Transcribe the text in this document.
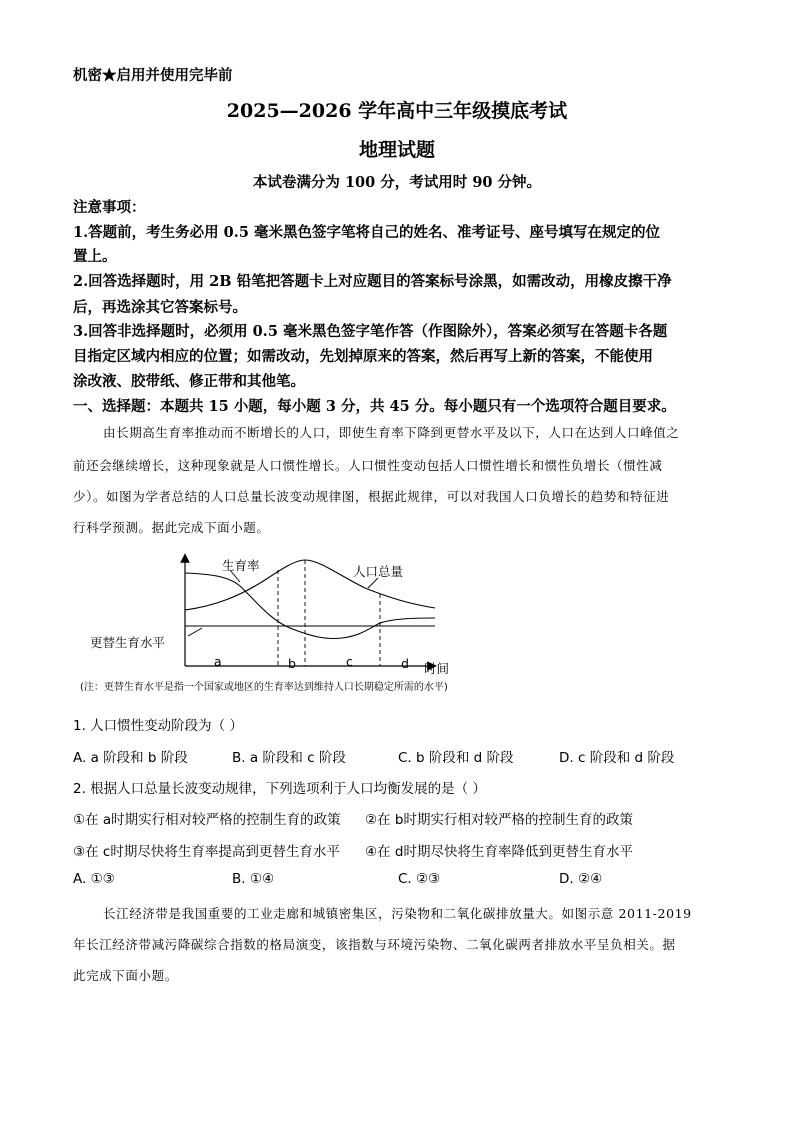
机密★启用并使用完毕前
2025—2026 学年高中三年级摸底考试
地理试题
本试卷满分为 100 分，考试用时 90 分钟。
注意事项：
1.答题前，考生务必用 0.5 毫米黑色签字笔将自己的姓名、准考证号、座号填写在规定的位
置上。
2.回答选择题时，用 2B 铅笔把答题卡上对应题目的答案标号涂黑，如需改动，用橡皮擦干净
后，再选涂其它答案标号。
3.回答非选择题时，必须用 0.5 毫米黑色签字笔作答（作图除外），答案必须写在答题卡各题
目指定区域内相应的位置；如需改动，先划掉原来的答案，然后再写上新的答案，不能使用
涂改液、胶带纸、修正带和其他笔。
一、选择题：本题共 15 小题，每小题 3 分，共 45 分。每小题只有一个选项符合题目要求。
由长期高生育率推动而不断增长的人口，即使生育率下降到更替水平及以下，人口在达到人口峰值之
前还会继续增长，这种现象就是人口惯性增长。人口惯性变动包括人口惯性增长和惯性负增长（惯性减
少）。如图为学者总结的人口总量长波变动规律图，根据此规律，可以对我国人口负增长的趋势和特征进
行科学预测。据此完成下面小题。
生育率	人口总量
更替生育水平
a	b	c	d 时间
(注：更替生育水平是指一个国家或地区的生育率达到维持人口长期稳定所需的水平)
1. 人口惯性变动阶段为（ ）
A. a 阶段和 b 阶段	B. a 阶段和 c 阶段	C. b 阶段和 d 阶段	D. c 阶段和 d 阶段
2. 根据人口总量长波变动规律，下列选项利于人口均衡发展的是（ ）
①在 a时期实行相对较严格的控制生育的政策 ②在 b时期实行相对较严格的控制生育的政策
③在 c时期尽快将生育率提高到更替生育水平 ④在 d时期尽快将生育率降低到更替生育水平
A. ①③	B. ①④	C. ②③	D. ②④
长江经济带是我国重要的工业走廊和城镇密集区，污染物和二氧化碳排放量大。如图示意 2011-2019
年长江经济带减污降碳综合指数的格局演变，该指数与环境污染物、二氧化碳两者排放水平呈负相关。据
此完成下面小题。
